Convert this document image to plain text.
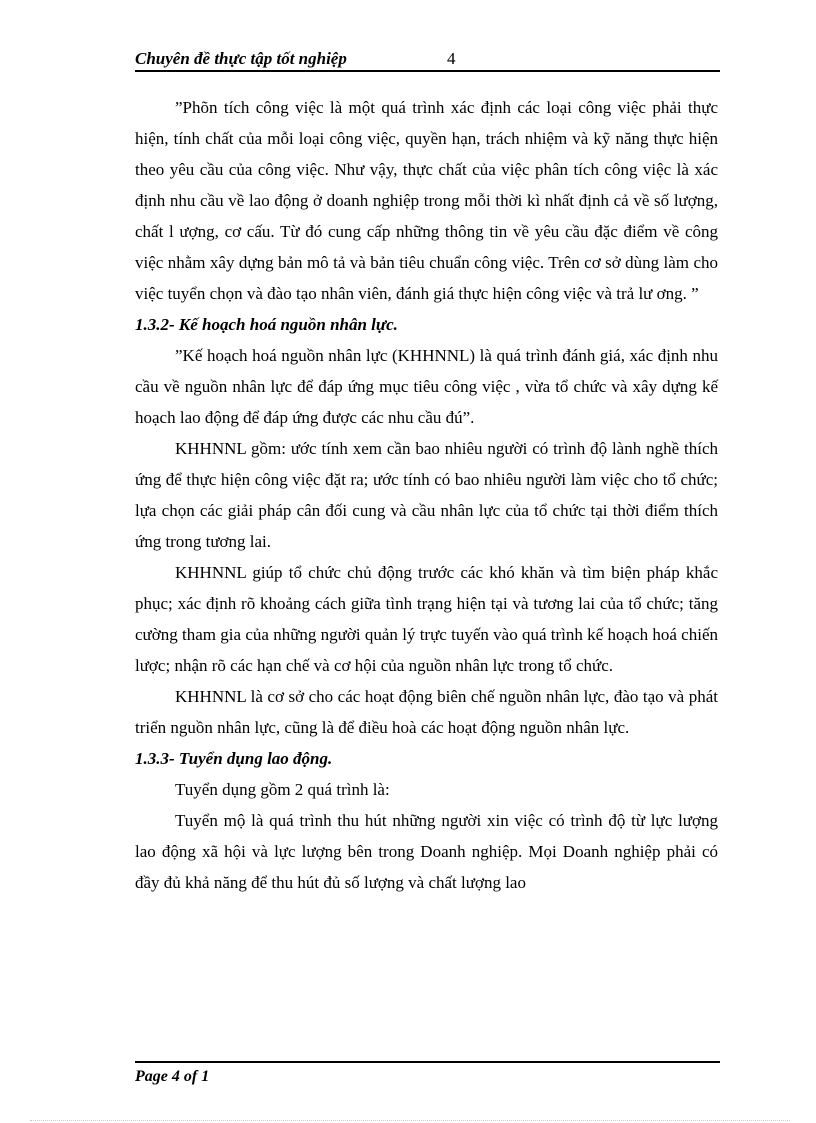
Chuyên đề thực tập tốt nghiệp	4

”Phõn tích công việc là một quá trình xác định các loại công việc phải thực hiện, tính chất của mỗi loại công việc, quyền hạn, trách nhiệm và kỹ năng thực hiện theo yêu cầu của công việc. Như vậy, thực chất của việc phân tích công việc là xác định nhu cầu về lao động ở doanh nghiệp trong mỗi thời kì nhất định cả về số lượng, chất l ượng, cơ cấu. Từ đó cung cấp những thông tin về yêu cầu đặc điểm về công việc nhằm xây dựng bản mô tả và bản tiêu chuẩn công việc. Trên cơ sở dùng làm cho việc tuyển chọn và đào tạo nhân viên, đánh giá thực hiện công việc và trả lư ơng. ”

1.3.2- Kế hoạch hoá nguồn nhân lực.

”Kế hoạch hoá nguồn nhân lực (KHHNNL) là quá trình đánh giá, xác định nhu cầu về nguồn nhân lực để đáp ứng mục tiêu công việc , vừa tổ chức và xây dựng kế hoạch lao động để đáp ứng được các nhu cầu đú”.

KHHNNL gồm: ước tính xem cần bao nhiêu người có trình độ lành nghề thích ứng để thực hiện công việc đặt ra; ước tính có bao nhiêu người làm việc cho tổ chức; lựa chọn các giải pháp cân đối cung và cầu nhân lực của tổ chức tại thời điểm thích ứng trong tương lai.

KHHNNL giúp tổ chức chủ động trước các khó khăn và tìm biện pháp khắc phục; xác định rõ khoảng cách giữa tình trạng hiện tại và tương lai của tổ chức; tăng cường tham gia của những người quản lý trực tuyến vào quá trình kế hoạch hoá chiến lược; nhận rõ các hạn chế và cơ hội của nguồn nhân lực trong tổ chức.

KHHNNL là cơ sở cho các hoạt động biên chế nguồn nhân lực, đào tạo và phát triển nguồn nhân lực, cũng là để điều hoà các hoạt động nguồn nhân lực.

1.3.3- Tuyển dụng lao động.

Tuyển dụng gồm 2 quá trình là:

Tuyển mộ là quá trình thu hút những người xin việc có trình độ từ lực lượng lao động xã hội và lực lượng bên trong Doanh nghiệp. Mọi Doanh nghiệp phải có đầy đủ khả năng để thu hút đủ số lượng và chất lượng lao

Page 4 of 1
